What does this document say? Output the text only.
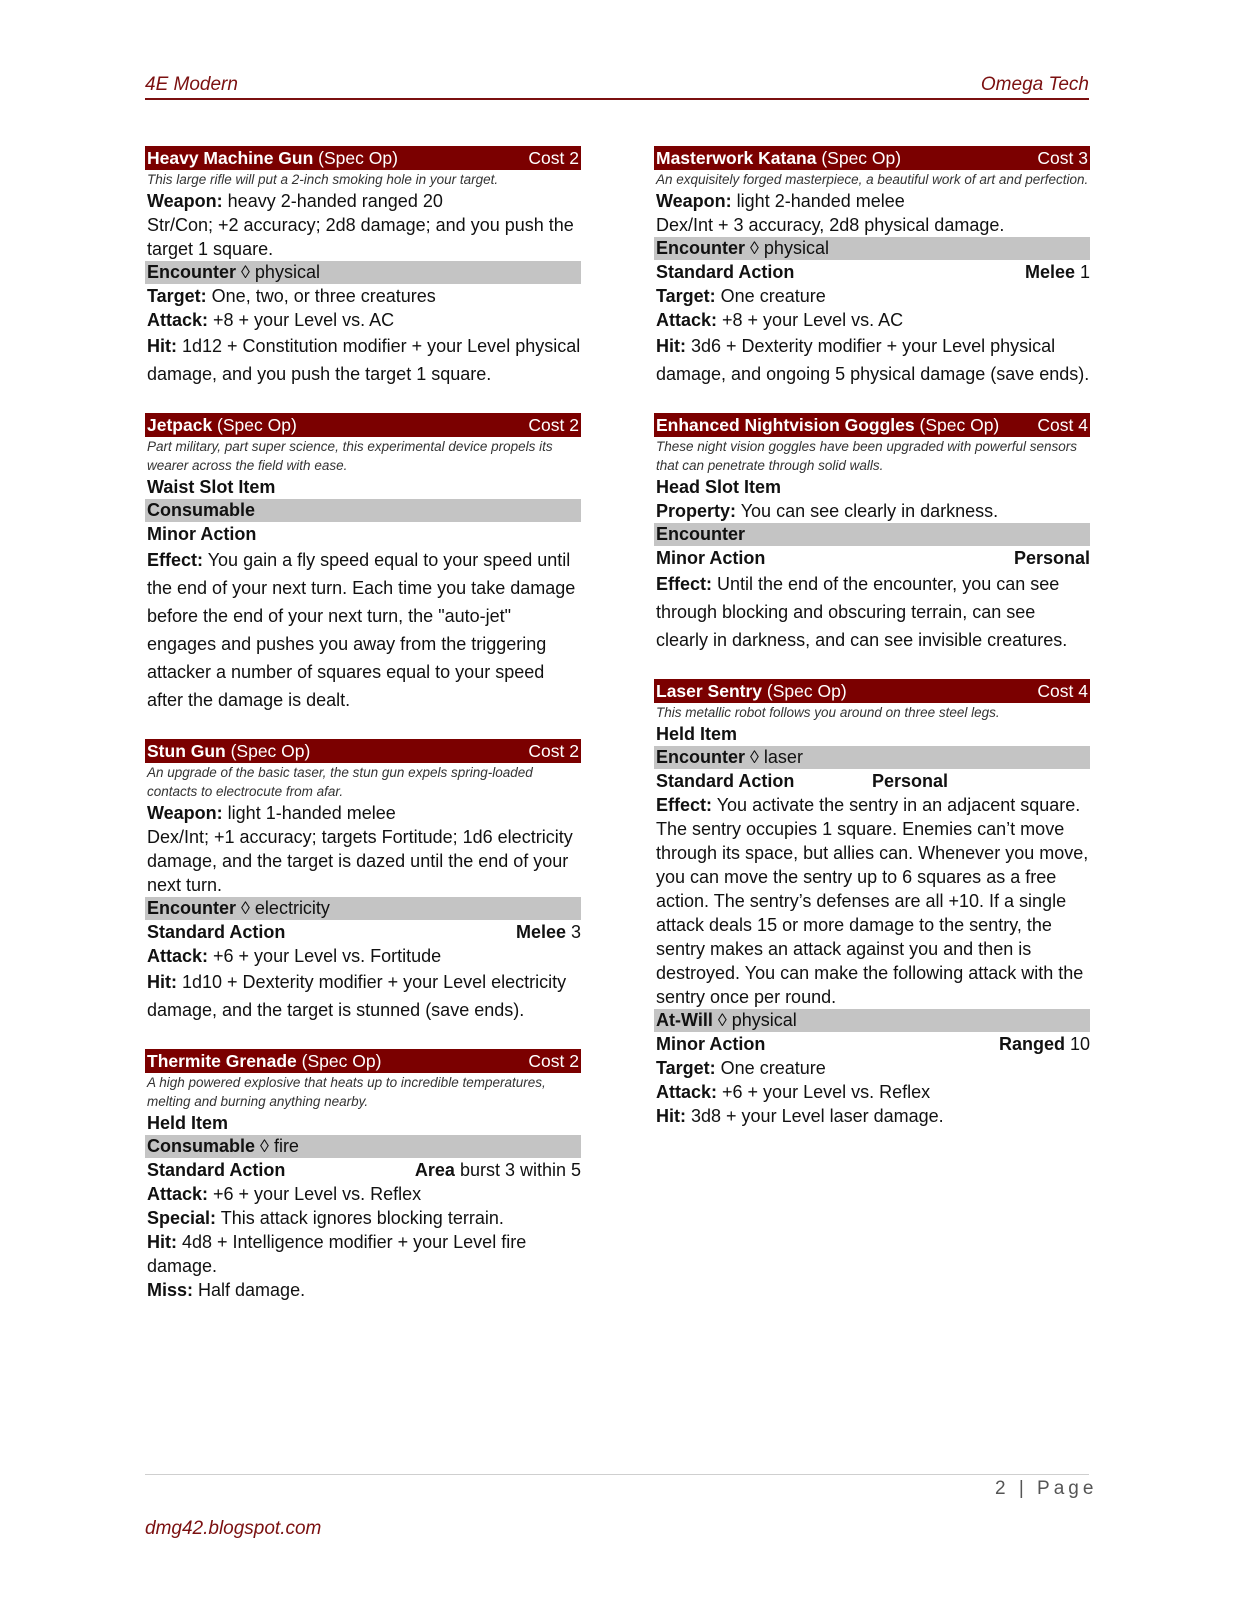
4E Modern	Omega Tech
Heavy Machine Gun (Spec Op)	Cost 2
This large rifle will put a 2-inch smoking hole in your target.
Weapon: heavy 2-handed ranged 20
Str/Con; +2 accuracy; 2d8 damage; and you push the target 1 square.
Encounter ◊ physical
Target: One, two, or three creatures
Attack: +8 + your Level vs. AC
Hit: 1d12 + Constitution modifier + your Level physical damage, and you push the target 1 square.
Jetpack (Spec Op)	Cost 2
Part military, part super science, this experimental device propels its wearer across the field with ease.
Waist Slot Item
Consumable
Minor Action
Effect: You gain a fly speed equal to your speed until the end of your next turn. Each time you take damage before the end of your next turn, the "auto-jet" engages and pushes you away from the triggering attacker a number of squares equal to your speed after the damage is dealt.
Stun Gun (Spec Op)	Cost 2
An upgrade of the basic taser, the stun gun expels spring-loaded contacts to electrocute from afar.
Weapon: light 1-handed melee
Dex/Int; +1 accuracy; targets Fortitude; 1d6 electricity damage, and the target is dazed until the end of your next turn.
Encounter ◊ electricity
Standard Action	Melee 3
Attack: +6 + your Level vs. Fortitude
Hit: 1d10 + Dexterity modifier + your Level electricity damage, and the target is stunned (save ends).
Thermite Grenade (Spec Op)	Cost 2
A high powered explosive that heats up to incredible temperatures, melting and burning anything nearby.
Held Item
Consumable ◊ fire
Standard Action	Area burst 3 within 5
Attack: +6 + your Level vs. Reflex
Special: This attack ignores blocking terrain.
Hit: 4d8 + Intelligence modifier + your Level fire damage.
Miss: Half damage.
Masterwork Katana (Spec Op)	Cost 3
An exquisitely forged masterpiece, a beautiful work of art and perfection.
Weapon: light 2-handed melee
Dex/Int + 3 accuracy, 2d8 physical damage.
Encounter ◊ physical
Standard Action	Melee 1
Target: One creature
Attack: +8 + your Level vs. AC
Hit: 3d6 + Dexterity modifier + your Level physical damage, and ongoing 5 physical damage (save ends).
Enhanced Nightvision Goggles (Spec Op) Cost 4
These night vision goggles have been upgraded with powerful sensors that can penetrate through solid walls.
Head Slot Item
Property: You can see clearly in darkness.
Encounter
Minor Action	Personal
Effect: Until the end of the encounter, you can see through blocking and obscuring terrain, can see clearly in darkness, and can see invisible creatures.
Laser Sentry (Spec Op)	Cost 4
This metallic robot follows you around on three steel legs.
Held Item
Encounter ◊ laser
Standard Action	Personal
Effect: You activate the sentry in an adjacent square. The sentry occupies 1 square. Enemies can’t move through its space, but allies can. Whenever you move, you can move the sentry up to 6 squares as a free action. The sentry’s defenses are all +10. If a single attack deals 15 or more damage to the sentry, the sentry makes an attack against you and then is destroyed. You can make the following attack with the sentry once per round.
At-Will ◊ physical
Minor Action	Ranged 10
Target: One creature
Attack: +6 + your Level vs. Reflex
Hit: 3d8 + your Level laser damage.
2 | Page
dmg42.blogspot.com
